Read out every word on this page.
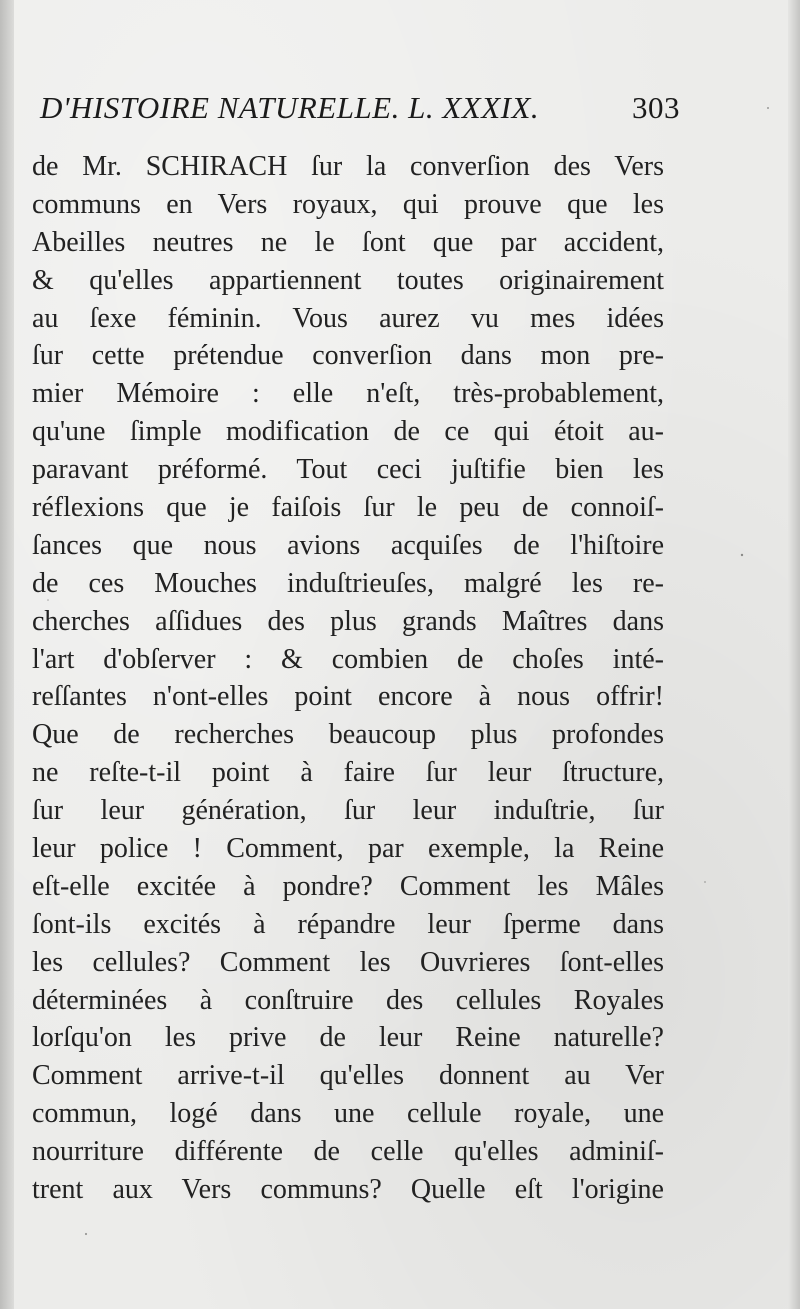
D'HISTOIRE NATURELLE. L. XXXIX.	303
de Mr. SCHIRACH ſur la converſion des Vers
communs en Vers royaux, qui prouve que les
Abeilles neutres ne le ſont que par accident,
& qu'elles appartiennent toutes originairement
au ſexe féminin. Vous aurez vu mes idées
ſur cette prétendue converſion dans mon pre-
mier Mémoire : elle n'eſt, très-probablement,
qu'une ſimple modification de ce qui étoit au-
paravant préformé. Tout ceci juſtifie bien les
réflexions que je faiſois ſur le peu de connoiſ-
ſances que nous avions acquiſes de l'hiſtoire
de ces Mouches induſtrieuſes, malgré les re-
cherches aſſidues des plus grands Maîtres dans
l'art d'obſerver : & combien de choſes inté-
reſſantes n'ont-elles point encore à nous offrir!
Que de recherches beaucoup plus profondes
ne reſte-t-il point à faire ſur leur ſtructure,
ſur leur génération, ſur leur induſtrie, ſur
leur police ! Comment, par exemple, la Reine
eſt-elle excitée à pondre? Comment les Mâles
ſont-ils excités à répandre leur ſperme dans
les cellules? Comment les Ouvrieres ſont-elles
déterminées à conſtruire des cellules Royales
lorſqu'on les prive de leur Reine naturelle?
Comment arrive-t-il qu'elles donnent au Ver
commun, logé dans une cellule royale, une
nourriture différente de celle qu'elles adminiſ-
trent aux Vers communs? Quelle eſt l'origine
